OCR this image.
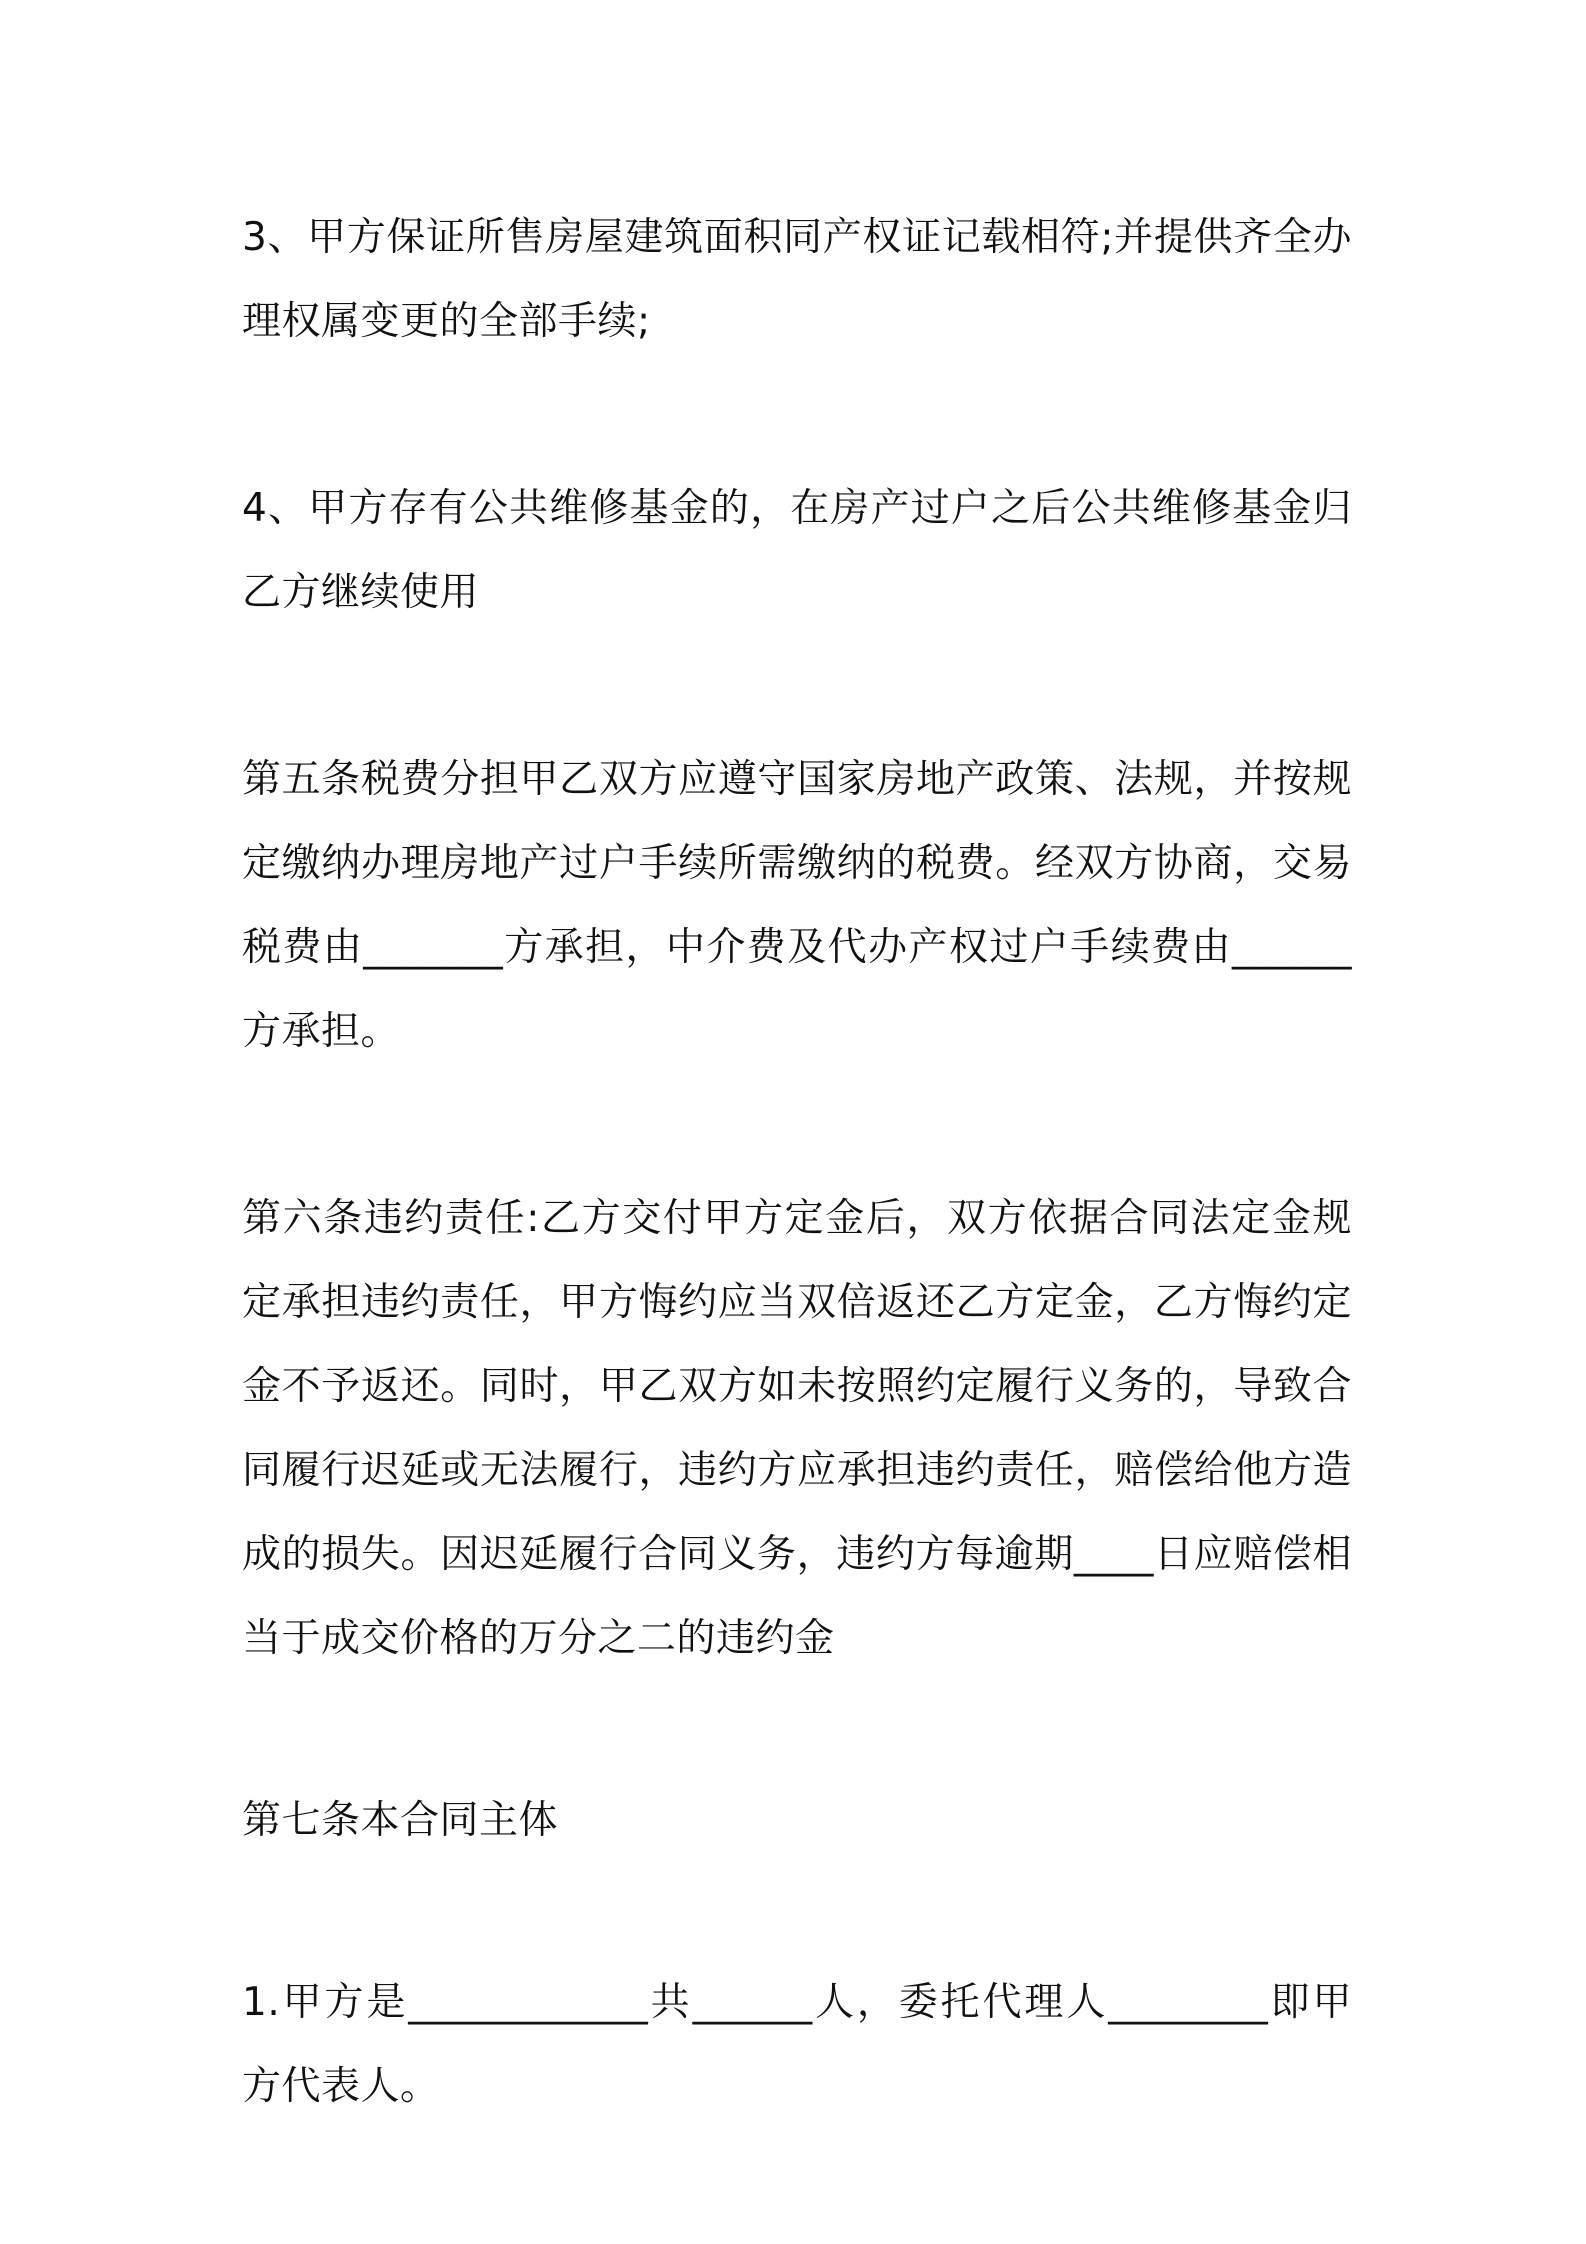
3、甲方保证所售房屋建筑面积同产权证记载相符;并提供齐全办理权属变更的全部手续;

4、甲方存有公共维修基金的，在房产过户之后公共维修基金归乙方继续使用

第五条税费分担甲乙双方应遵守国家房地产政策、法规，并按规定缴纳办理房地产过户手续所需缴纳的税费。经双方协商，交易税费由_______方承担，中介费及代办产权过户手续费由______方承担。

第六条违约责任:乙方交付甲方定金后，双方依据合同法定金规定承担违约责任，甲方悔约应当双倍返还乙方定金，乙方悔约定金不予返还。同时，甲乙双方如未按照约定履行义务的，导致合同履行迟延或无法履行，违约方应承担违约责任，赔偿给他方造成的损失。因迟延履行合同义务，违约方每逾期____日应赔偿相当于成交价格的万分之二的违约金

第七条本合同主体

1.甲方是____________共______人，委托代理人________即甲方代表人。
